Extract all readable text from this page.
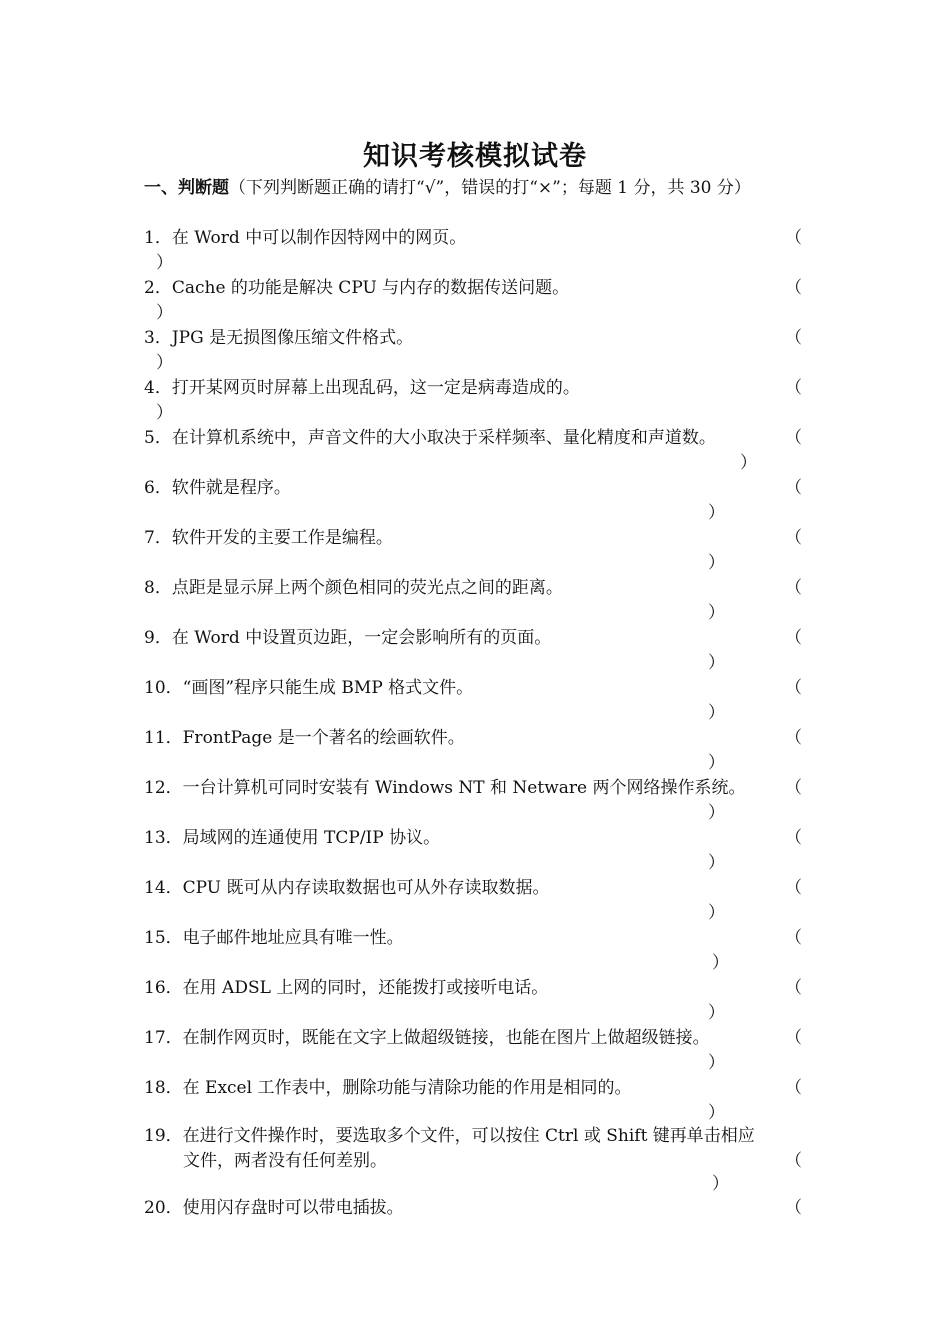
知识考核模拟试卷
一、判断题（下列判断题正确的请打“√”，错误的打“×”；每题 1 分，共 30 分）
1．在 Word 中可以制作因特网中的网页。	（
）
2．Cache 的功能是解决 CPU 与内存的数据传送问题。	（
）
3．JPG 是无损图像压缩文件格式。	（
）
4．打开某网页时屏幕上出现乱码，这一定是病毒造成的。	（
）
5．在计算机系统中，声音文件的大小取决于采样频率、量化精度和声道数。	（
）
6．软件就是程序。	（
）
7．软件开发的主要工作是编程。	（
）
8．点距是显示屏上两个颜色相同的荧光点之间的距离。	（
）
9．在 Word 中设置页边距，一定会影响所有的页面。	（
）
10．“画图”程序只能生成 BMP 格式文件。	（
）
11．FrontPage 是一个著名的绘画软件。	（
）
12．一台计算机可同时安装有 Windows NT 和 Netware 两个网络操作系统。 （
）
13．局域网的连通使用 TCP/IP 协议。	（
）
14．CPU 既可从内存读取数据也可从外存读取数据。	（
）
15．电子邮件地址应具有唯一性。	（
）
16．在用 ADSL 上网的同时，还能拨打或接听电话。	（
）
17．在制作网页时，既能在文字上做超级链接，也能在图片上做超级链接。	（
）
18．在 Excel 工作表中，删除功能与清除功能的作用是相同的。	（
）
19．在进行文件操作时，要选取多个文件，可以按住 Ctrl 或 Shift 键再单击相应
文件，两者没有任何差别。	（
）
20．使用闪存盘时可以带电插拔。	（
